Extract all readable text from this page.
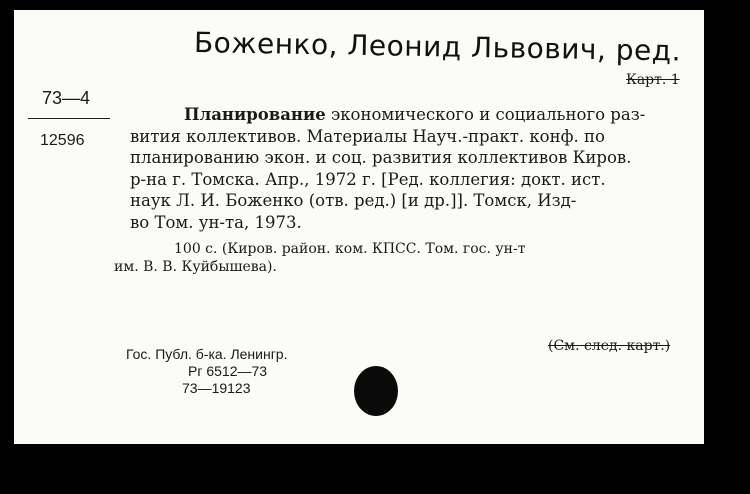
Боженко, Леонид Львович, ред.
Карт. 1
73—4
12596
Планирование экономического и социального раз-
вития коллективов. Материалы Науч.-практ. конф. по
планированию экон. и соц. развития коллективов Киров.
р-на г. Томска. Апр., 1972 г. [Ред. коллегия: докт. ист.
наук Л. И. Боженко (отв. ред.) [и др.]]. Томск, Изд-
во Том. ун-та, 1973.
100 с. (Киров. район. ком. КПСС. Том. гос. ун-т
им. В. В. Куйбышева).
(См. след. карт.)
Гос. Публ. б-ка. Ленингр.
Рг 6512—73
73—19123
